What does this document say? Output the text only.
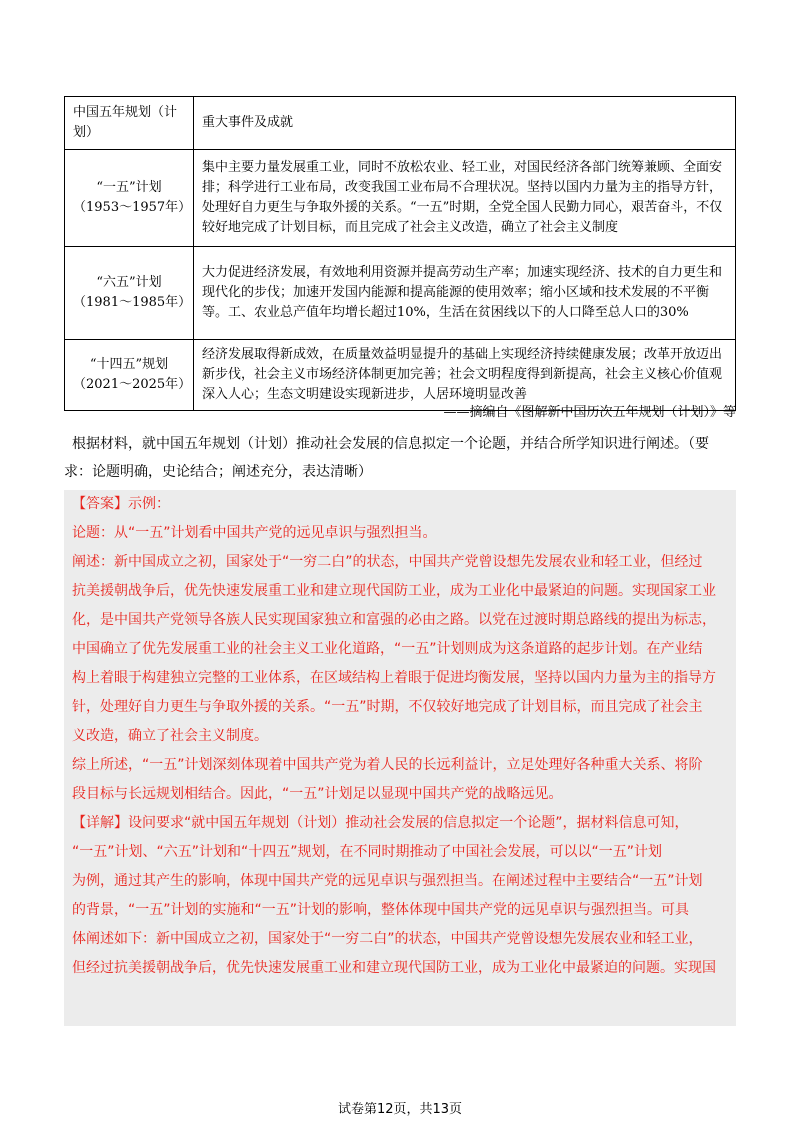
中国五年规划（计划）	重大事件及成就

“一五”计划
（1953～1957年）	集中主要力量发展重工业，同时不放松农业、轻工业，对国民经济各部门统筹兼顾、全面安排；科学进行工业布局，改变我国工业布局不合理状况。坚持以国内力量为主的指导方针，处理好自力更生与争取外援的关系。“一五”时期，全党全国人民勤力同心，艰苦奋斗，不仅较好地完成了计划目标，而且完成了社会主义改造，确立了社会主义制度

“六五”计划
（1981～1985年）	大力促进经济发展，有效地利用资源并提高劳动生产率；加速实现经济、技术的自力更生和现代化的步伐；加速开发国内能源和提高能源的使用效率；缩小区域和技术发展的不平衡等。工、农业总产值年均增长超过10%，生活在贫困线以下的人口降至总人口的30%

“十四五”规划
（2021～2025年）	经济发展取得新成效，在质量效益明显提升的基础上实现经济持续健康发展；改革开放迈出新步伐，社会主义市场经济体制更加完善；社会文明程度得到新提高，社会主义核心价值观深入人心；生态文明建设实现新进步，人居环境明显改善
——摘编自《图解新中国历次五年规划（计划）》等
根据材料，就中国五年规划（计划）推动社会发展的信息拟定一个论题，并结合所学知识进行阐述。（要
求：论题明确，史论结合；阐述充分，表达清晰）

【答案】示例：

论题：从“一五”计划看中国共产党的远见卓识与强烈担当。

阐述：新中国成立之初，国家处于“一穷二白”的状态，中国共产党曾设想先发展农业和轻工业，但经过

抗美援朝战争后，优先快速发展重工业和建立现代国防工业，成为工业化中最紧迫的问题。实现国家工业

化，是中国共产党领导各族人民实现国家独立和富强的必由之路。以党在过渡时期总路线的提出为标志，

中国确立了优先发展重工业的社会主义工业化道路，“一五”计划则成为这条道路的起步计划。在产业结

构上着眼于构建独立完整的工业体系，在区域结构上着眼于促进均衡发展，坚持以国内力量为主的指导方

针，处理好自力更生与争取外援的关系。“一五”时期，不仅较好地完成了计划目标，而且完成了社会主

义改造，确立了社会主义制度。

综上所述，“一五”计划深刻体现着中国共产党为着人民的长远利益计，立足处理好各种重大关系、将阶

段目标与长远规划相结合。因此，“一五”计划足以显现中国共产党的战略远见。

【详解】设问要求“就中国五年规划（计划）推动社会发展的信息拟定一个论题”，据材料信息可知，

“一五”计划、“六五”计划和“十四五”规划，在不同时期推动了中国社会发展，可以以“一五”计划

为例，通过其产生的影响，体现中国共产党的远见卓识与强烈担当。在阐述过程中主要结合“一五”计划

的背景，“一五”计划的实施和“一五”计划的影响，整体体现中国共产党的远见卓识与强烈担当。可具

体阐述如下：新中国成立之初，国家处于“一穷二白”的状态，中国共产党曾设想先发展农业和轻工业，

但经过抗美援朝战争后，优先快速发展重工业和建立现代国防工业，成为工业化中最紧迫的问题。实现国

试卷第12页，共13页
